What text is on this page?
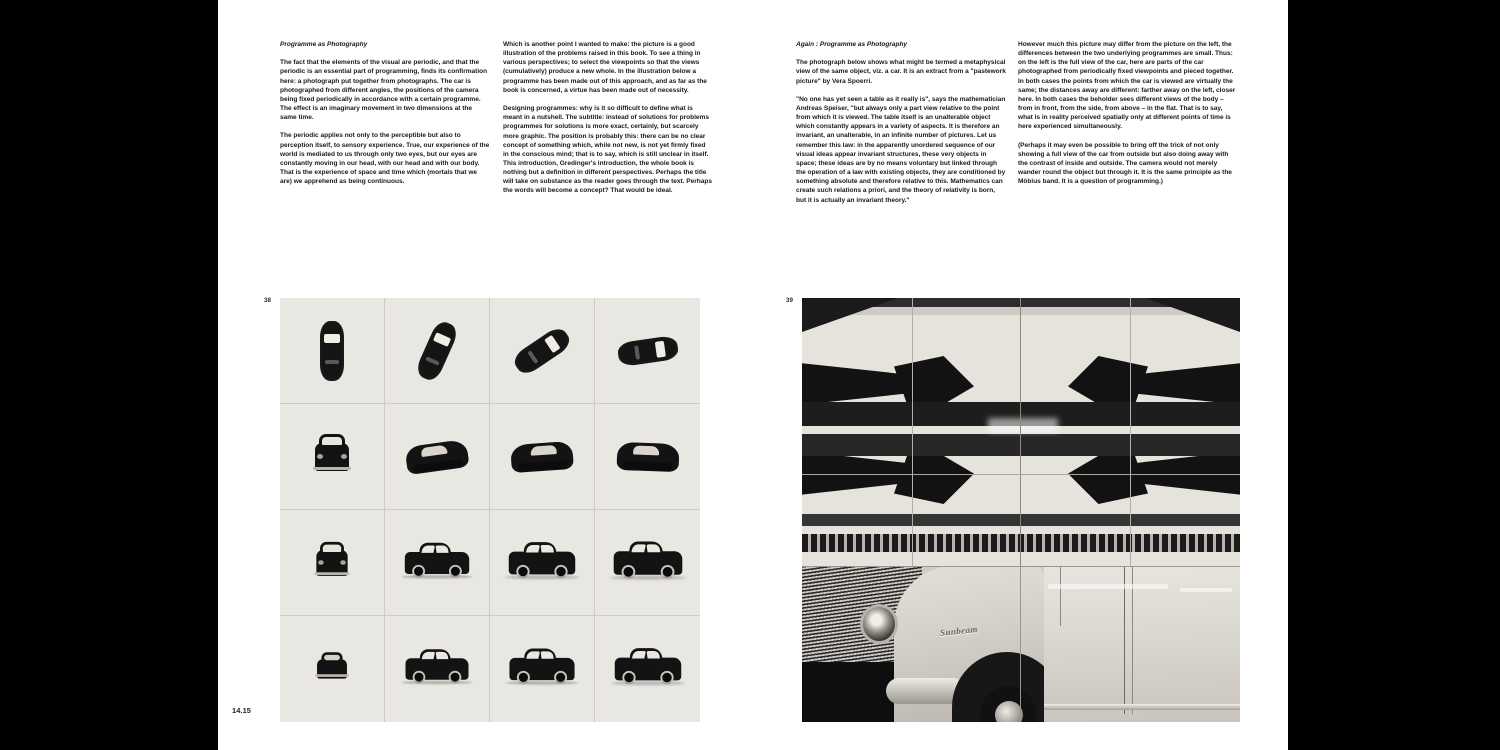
Programme as Photography

The fact that the elements of the visual are periodic, and that the periodic is an essential part of programming, finds its confirmation here: a photograph put together from photographs. The car is photographed from different angles, the positions of the camera being fixed periodically in accordance with a certain programme. The effect is an imaginary movement in two dimensions at the same time.

The periodic applies not only to the perceptible but also to perception itself, to sensory experience. True, our experience of the world is mediated to us through only two eyes, but our eyes are constantly moving in our head, with our head and with our body. That is the experience of space and time which (mortals that we are) we apprehend as being continuous.

Which is another point I wanted to make: the picture is a good illustration of the problems raised in this book. To see a thing in various perspectives; to select the viewpoints so that the views (cumulatively) produce a new whole. In the illustration below a programme has been made out of this approach, and as far as the book is concerned, a virtue has been made out of necessity.

Designing programmes: why is it so difficult to define what is meant in a nutshell. The subtitle: instead of solutions for problems programmes for solutions is more exact, certainly, but scarcely more graphic. The position is probably this: there can be no clear concept of something which, while not new, is not yet firmly fixed in the conscious mind; that is to say, which is still unclear in itself. This introduction, Gredinger's introduction, the whole book is nothing but a definition in different perspectives. Perhaps the title will take on substance as the reader goes through the text. Perhaps the words will become a concept? That would be ideal.

Again : Programme as Photography

The photograph below shows what might be termed a metaphysical view of the same object, viz. a car. It is an extract from a "pastework picture" by Vera Spoerri.

"No one has yet seen a table as it really is", says the mathematician Andreas Speiser, "but always only a part view relative to the point from which it is viewed. The table itself is an unalterable object which constantly appears in a variety of aspects. It is therefore an invariant, an unalterable, in an infinite number of pictures. Let us remember this law: in the apparently unordered sequence of our visual ideas appear invariant structures, these very objects in space; these ideas are by no means voluntary but linked through the operation of a law with existing objects, they are conditioned by something absolute and therefore relative to this. Mathematics can create such relations a priori, and the theory of relativity is born, but it is actually an invariant theory."

However much this picture may differ from the picture on the left, the differences between the two underlying programmes are small. Thus: on the left is the full view of the car, here are parts of the car photographed from periodically fixed viewpoints and pieced together. In both cases the points from which the car is viewed are virtually the same; the distances away are different: farther away on the left, closer here. In both cases the beholder sees different views of the body – from in front, from the side, from above – in the flat. That is to say, what is in reality perceived spatially only at different points of time is here experienced simultaneously.

(Perhaps it may even be possible to bring off the trick of not only showing a full view of the car from outside but also doing away with the contrast of inside and outside. The camera would not merely wander round the object but through it. It is the same principle as the Möbius band. It is a question of programming.)

38	39
14.15
Sunbeam
